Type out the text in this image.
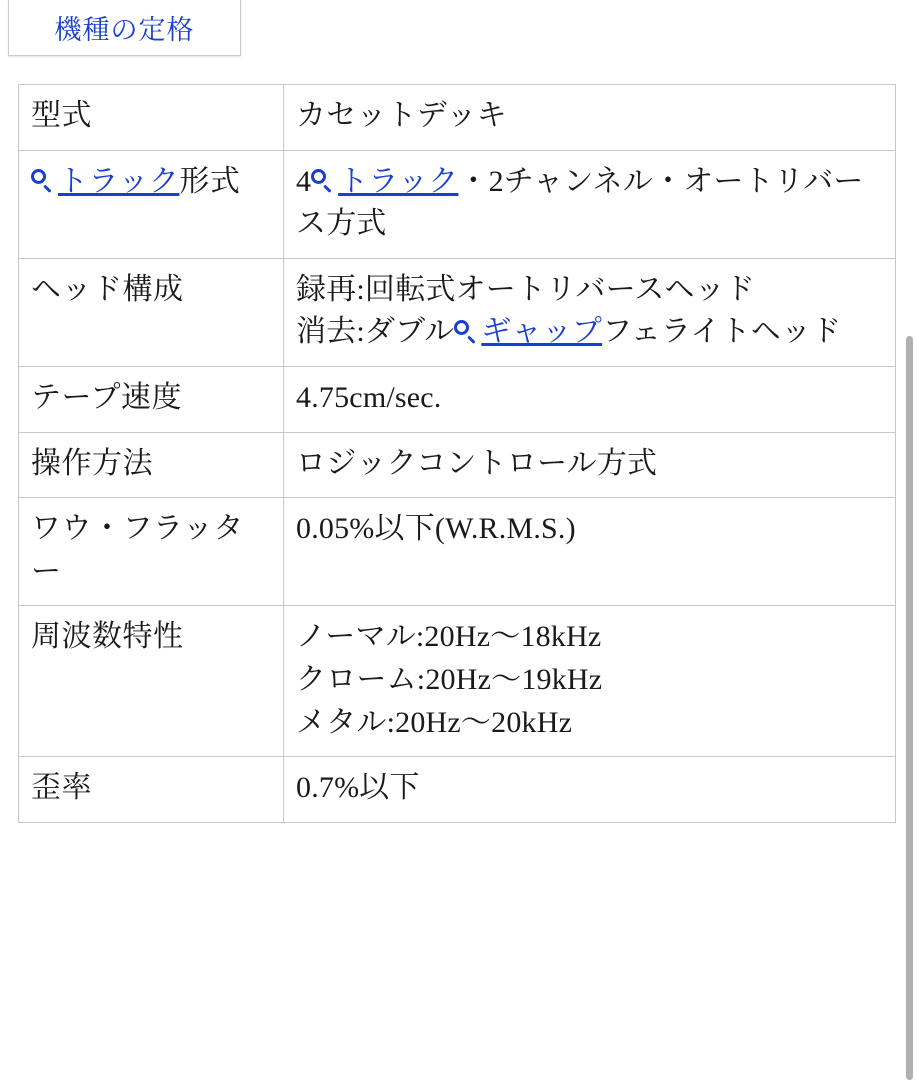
機種の定格
型式	カセットデッキ

トラック形式	4 トラック・2チャンネル・オートリバース方式

ヘッド構成	録再:回転式オートリバースヘッド
消去:ダブル ギャップフェライトヘッド

テープ速度	4.75cm/sec.

操作方法	ロジックコントロール方式

ワウ・フラッター	0.05%以下(W.R.M.S.)

周波数特性	ノーマル:20Hz〜18kHz
クローム:20Hz〜19kHz
メタル:20Hz〜20kHz

歪率	0.7%以下
